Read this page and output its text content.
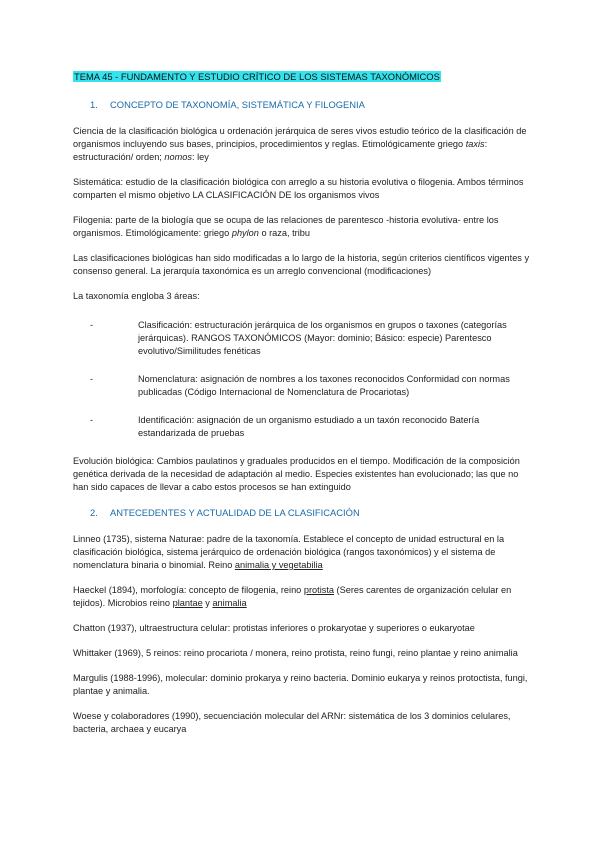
TEMA 45 - FUNDAMENTO Y ESTUDIO CRÍTICO DE LOS SISTEMAS TAXONÓMICOS
1. CONCEPTO DE TAXONOMÍA, SISTEMÁTICA Y FILOGENIA

Ciencia de la clasificación biológica u ordenación jerárquica de seres vivos estudio teórico de la clasificación de organismos incluyendo sus bases, principios, procedimientos y reglas. Etimológicamente griego taxis: estructuración/ orden; nomos: ley

Sistemática: estudio de la clasificación biológica con arreglo a su historia evolutiva o filogenia. Ambos términos comparten el mismo objetivo LA CLASIFICACIÓN DE los organismos vivos

Filogenia: parte de la biología que se ocupa de las relaciones de parentesco -historia evolutiva- entre los organismos. Etimológicamente: griego phylon o raza, tribu

Las clasificaciones biológicas han sido modificadas a lo largo de la historia, según criterios científicos vigentes y consenso general. La jerarquía taxonómica es un arreglo convencional (modificaciones)

La taxonomía engloba 3 áreas:

-	Clasificación: estructuración jerárquica de los organismos en grupos o taxones (categorías jerárquicas). RANGOS TAXONÓMICOS (Mayor: dominio; Básico: especie) Parentesco evolutivo/Similitudes fenéticas
-	Nomenclatura: asignación de nombres a los taxones reconocidos Conformidad con normas publicadas (Código Internacional de Nomenclatura de Procariotas)
-	Identificación: asignación de un organismo estudiado a un taxón reconocido Batería estandarizada de pruebas

Evolución biológica: Cambios paulatinos y graduales producidos en el tiempo. Modificación de la composición genética derivada de la necesidad de adaptación al medio. Especies existentes han evolucionado; las que no han sido capaces de llevar a cabo estos procesos se han extinguido

2. ANTECEDENTES Y ACTUALIDAD DE LA CLASIFICACIÓN

Linneo (1735), sistema Naturae: padre de la taxonomía. Establece el concepto de unidad estructural en la clasificación biológica, sistema jerárquico de ordenación biológica (rangos taxonómicos) y el sistema de nomenclatura binaria o binomial. Reino animalia y vegetabilia

Haeckel (1894), morfología: concepto de filogenia, reino protista (Seres carentes de organización celular en tejidos). Microbios reino plantae y animalia

Chatton (1937), ultraestructura celular: protistas inferiores o prokaryotae y superiores o eukaryotae

Whittaker (1969), 5 reinos: reino procariota / monera, reino protista, reino fungi, reino plantae y reino animalia

Margulis (1988-1996), molecular: dominio prokarya y reino bacteria. Dominio eukarya y reinos protoctista, fungi, plantae y animalia.

Woese y colaboradores (1990), secuenciación molecular del ARNr: sistemática de los 3 dominios celulares, bacteria, archaea y eucarya
